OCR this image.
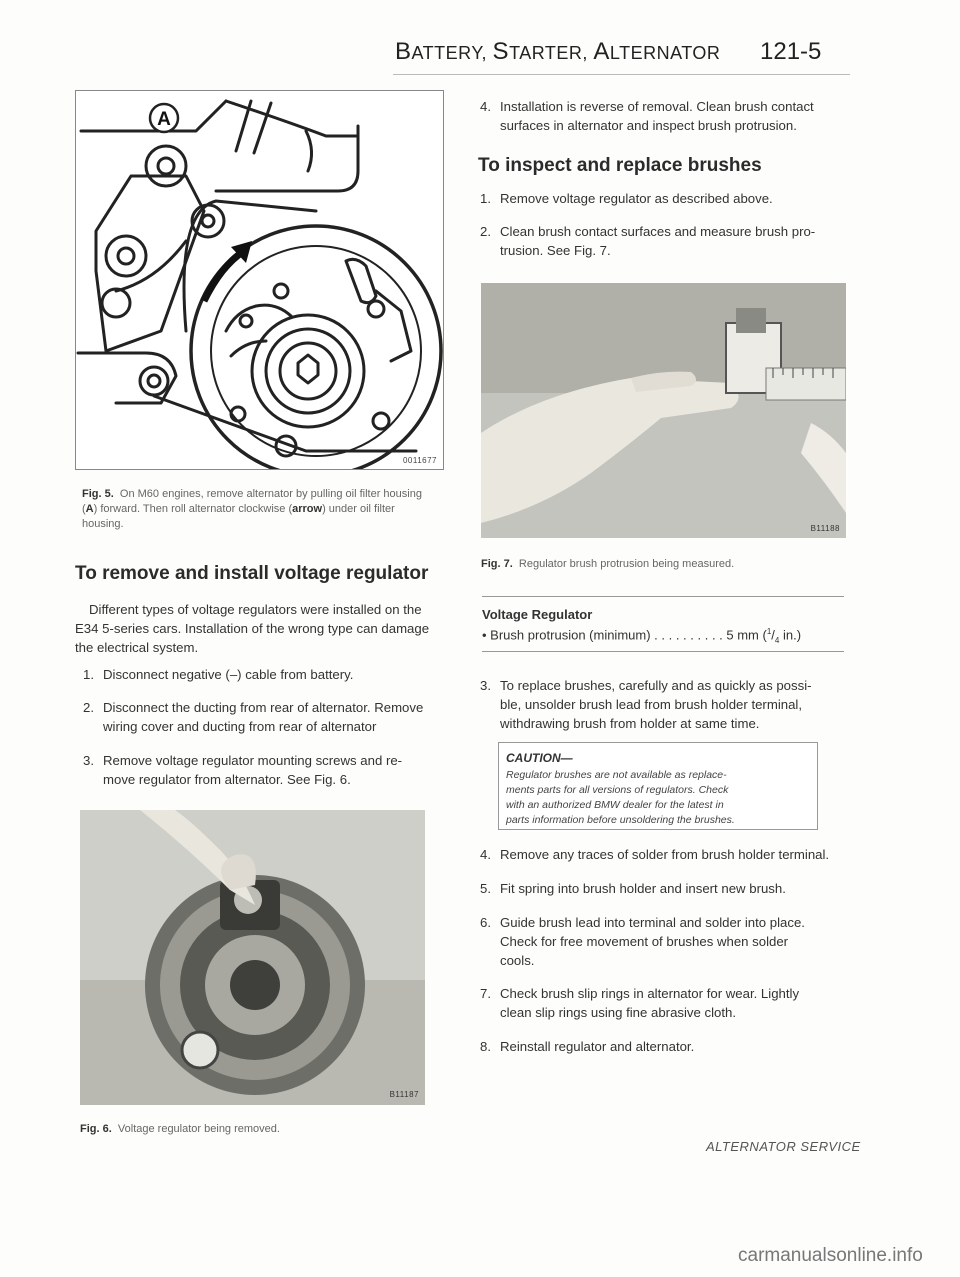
BATTERY, STARTER, ALTERNATOR 121-5
A
0011677
Fig. 5. On M60 engines, remove alternator by pulling oil filter housing
(A) forward. Then roll alternator clockwise (arrow) under oil filter
housing.
To remove and install voltage regulator
Different types of voltage regulators were installed on the
E34 5-series cars. Installation of the wrong type can damage
the electrical system.
1. Disconnect negative (–) cable from battery.
2. Disconnect the ducting from rear of alternator. Remove
wiring cover and ducting from rear of alternator
3. Remove voltage regulator mounting screws and re-
move regulator from alternator. See Fig. 6.
B11187
Fig. 6. Voltage regulator being removed.
4. Installation is reverse of removal. Clean brush contact
surfaces in alternator and inspect brush protrusion.
To inspect and replace brushes
1. Remove voltage regulator as described above.
2. Clean brush contact surfaces and measure brush pro-
trusion. See Fig. 7.
B11188
Fig. 7. Regulator brush protrusion being measured.
Voltage Regulator
• Brush protrusion (minimum) . . . . . . . . . . 5 mm ($^1/_4$ in.)
3. To replace brushes, carefully and as quickly as possi-
ble, unsolder brush lead from brush holder terminal,
withdrawing brush from holder at same time.
CAUTION—
Regulator brushes are not available as replace-
ments parts for all versions of regulators. Check
with an authorized BMW dealer for the latest in
parts information before unsoldering the brushes.
4. Remove any traces of solder from brush holder terminal.
5. Fit spring into brush holder and insert new brush.
6. Guide brush lead into terminal and solder into place.
Check for free movement of brushes when solder
cools.
7. Check brush slip rings in alternator for wear. Lightly
clean slip rings using fine abrasive cloth.
8. Reinstall regulator and alternator.
ALTERNATOR SERVICE
carmanualsonline.info
